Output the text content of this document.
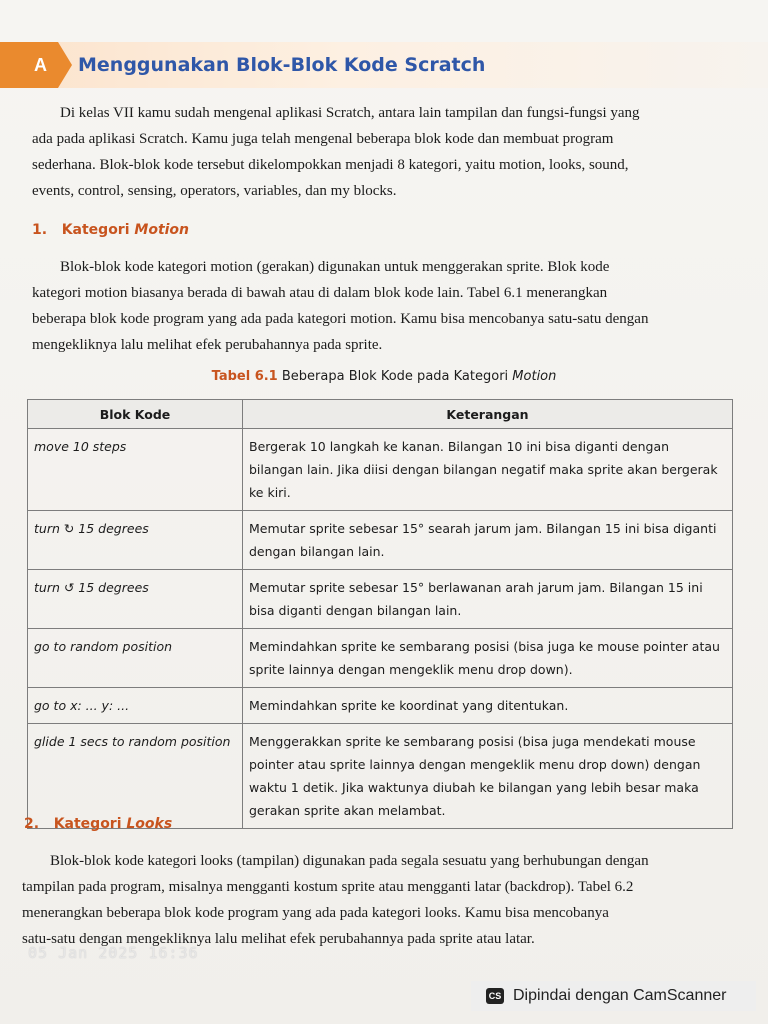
A Menggunakan Blok-Blok Kode Scratch
Di kelas VII kamu sudah mengenal aplikasi Scratch, antara lain tampilan dan fungsi-fungsi yang
ada pada aplikasi Scratch. Kamu juga telah mengenal beberapa blok kode dan membuat program
sederhana. Blok-blok kode tersebut dikelompokkan menjadi 8 kategori, yaitu motion, looks, sound,
events, control, sensing, operators, variables, dan my blocks.
1. Kategori Motion
Blok-blok kode kategori motion (gerakan) digunakan untuk menggerakan sprite. Blok kode
kategori motion biasanya berada di bawah atau di dalam blok kode lain. Tabel 6.1 menerangkan
beberapa blok kode program yang ada pada kategori motion. Kamu bisa mencobanya satu-satu dengan
mengekliknya lalu melihat efek perubahannya pada sprite.
Tabel 6.1 Beberapa Blok Kode pada Kategori Motion
Blok Kode	Keterangan
move 10 steps	Bergerak 10 langkah ke kanan. Bilangan 10 ini bisa diganti dengan bilangan lain. Jika diisi dengan bilangan negatif maka sprite akan bergerak ke kiri.
turn ↻ 15 degrees	Memutar sprite sebesar 15° searah jarum jam. Bilangan 15 ini bisa diganti dengan bilangan lain.
turn ↺ 15 degrees	Memutar sprite sebesar 15° berlawanan arah jarum jam. Bilangan 15 ini bisa diganti dengan bilangan lain.
go to random position	Memindahkan sprite ke sembarang posisi (bisa juga ke mouse pointer atau sprite lainnya dengan mengeklik menu drop down).
go to x: ... y: ...	Memindahkan sprite ke koordinat yang ditentukan.
glide 1 secs to random position	Menggerakkan sprite ke sembarang posisi (bisa juga mendekati mouse pointer atau sprite lainnya dengan mengeklik menu drop down) dengan waktu 1 detik. Jika waktunya diubah ke bilangan yang lebih besar maka gerakan sprite akan melambat.
2. Kategori Looks
Blok-blok kode kategori looks (tampilan) digunakan pada segala sesuatu yang berhubungan dengan
tampilan pada program, misalnya mengganti kostum sprite atau mengganti latar (backdrop). Tabel 6.2
menerangkan beberapa blok kode program yang ada pada kategori looks. Kamu bisa mencobanya
satu-satu dengan mengekliknya lalu melihat efek perubahannya pada sprite atau latar.
05 Jan 2025 16:36
CS Dipindai dengan CamScanner
